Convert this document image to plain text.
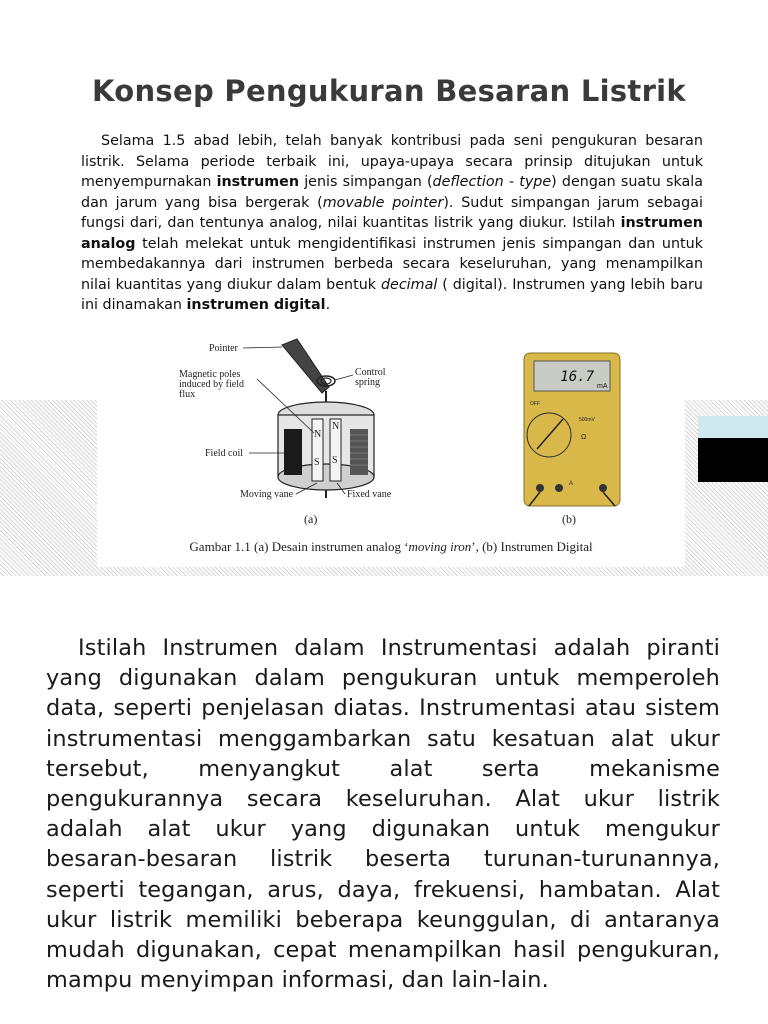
Konsep Pengukuran Besaran Listrik

Selama 1.5 abad lebih, telah banyak kontribusi pada seni pengukuran besaran listrik. Selama periode terbaik ini, upaya-upaya secara prinsip ditujukan untuk menyempurnakan instrumen jenis simpangan (deflection - type) dengan suatu skala dan jarum yang bisa bergerak (movable pointer). Sudut simpangan jarum sebagai fungsi dari, dan tentunya analog, nilai kuantitas listrik yang diukur. Istilah instrumen analog telah melekat untuk mengidentifikasi instrumen jenis simpangan dan untuk membedakannya dari instrumen berbeda secara keseluruhan, yang menampilkan nilai kuantitas yang diukur dalam bentuk decimal ( digital). Instrumen yang lebih baru ini dinamakan instrumen digital.

N
N
S S
Pointer
Magnetic poles
induced by field
flux
Control
spring
Field coil
Moving vane	Fixed vane
(a)
16.7
mA
OFF
500mV
Ω
A
(b)
Gambar 1.1 (a) Desain instrumen analog ‘moving iron’, (b) Instrumen Digital

Istilah Instrumen dalam Instrumentasi adalah piranti yang digunakan dalam pengukuran untuk memperoleh data, seperti penjelasan diatas. Instrumentasi atau sistem instrumentasi menggambarkan satu kesatuan alat ukur tersebut, menyangkut alat serta mekanisme pengukurannya secara keseluruhan. Alat ukur listrik adalah alat ukur yang digunakan untuk mengukur besaran-besaran listrik beserta turunan-turunannya, seperti tegangan, arus, daya, frekuensi, hambatan. Alat ukur listrik memiliki beberapa keunggulan, di antaranya mudah digunakan, cepat menampilkan hasil pengukuran, mampu menyimpan informasi, dan lain-lain.
